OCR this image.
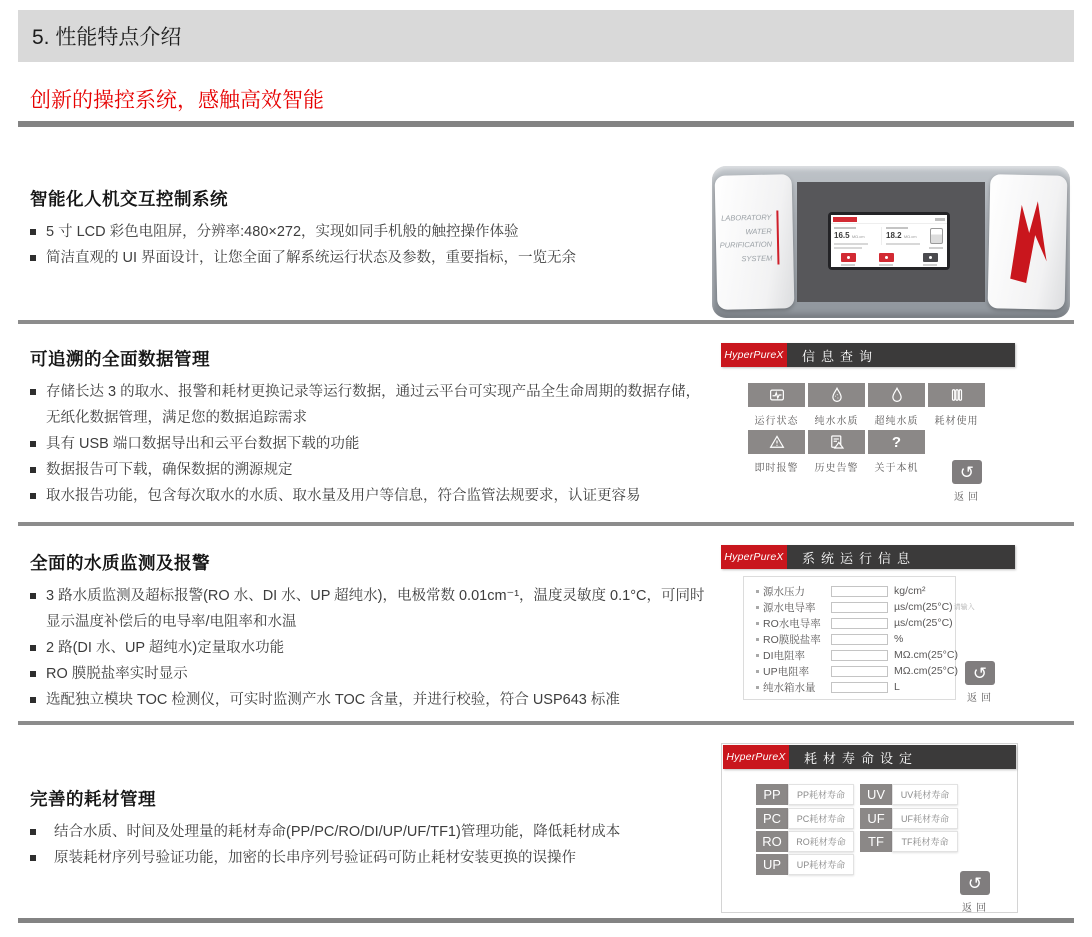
5. 性能特点介绍
创新的操控系统，感触高效智能
智能化人机交互控制系统
5 寸 LCD 彩色电阻屏，分辨率:480×272，实现如同手机般的触控操作体验
简洁直观的 UI 界面设计，让您全面了解系统运行状态及参数，重要指标，一览无余
LABORATORY
WATER
PURIFICATION
SYSTEM
16.5 MΩ.cm	18.2 MΩ.cm
可追溯的全面数据管理
存储长达 3 的取水、报警和耗材更换记录等运行数据，通过云平台可实现产品全生命周期的数据存储，无纸化数据管理，满足您的数据追踪需求
具有 USB 端口数据导出和云平台数据下载的功能
数据报告可下载，确保数据的溯源规定
取水报告功能，包含每次取水的水质、取水量及用户等信息，符合监管法规要求，认证更容易
HyperPureX	信息查询
运行状态	纯水水质	超纯水质	耗材使用
即时报警	历史告警
?
关于本机	↺
返回
全面的水质监测及报警
3 路水质监测及超标报警(RO 水、DI 水、UP 超纯水)，电极常数 0.01cm⁻¹，温度灵敏度 0.1°C，可同时显示温度补偿后的电导率/电阻率和水温
2 路(DI 水、UP 超纯水)定量取水功能
RO 膜脱盐率实时显示
选配独立模块 TOC 检测仪，可实时监测产水 TOC 含量，并进行校验，符合 USP643 标准
HyperPureX	系统运行信息
源水压力	kg/cm²
源水电导率	µs/cm(25°C) 请输入
RO水电导率	µs/cm(25°C)
RO膜脱盐率	%
DI电阻率	MΩ.cm(25°C)
UP电阻率	MΩ.cm(25°C)
纯水箱水量	L
↺
返回
完善的耗材管理
结合水质、时间及处理量的耗材寿命(PP/PC/RO/DI/UP/UF/TF1)管理功能，降低耗材成本
原装耗材序列号验证功能，加密的长串序列号验证码可防止耗材安装更换的误操作
HyperPureX	耗材寿命设定
PP	PP耗材寿命
PC	PC耗材寿命
RO	RO耗材寿命
UP	UP耗材寿命
UV	UV耗材寿命
UF	UF耗材寿命
TF	TF耗材寿命
↺
返回
